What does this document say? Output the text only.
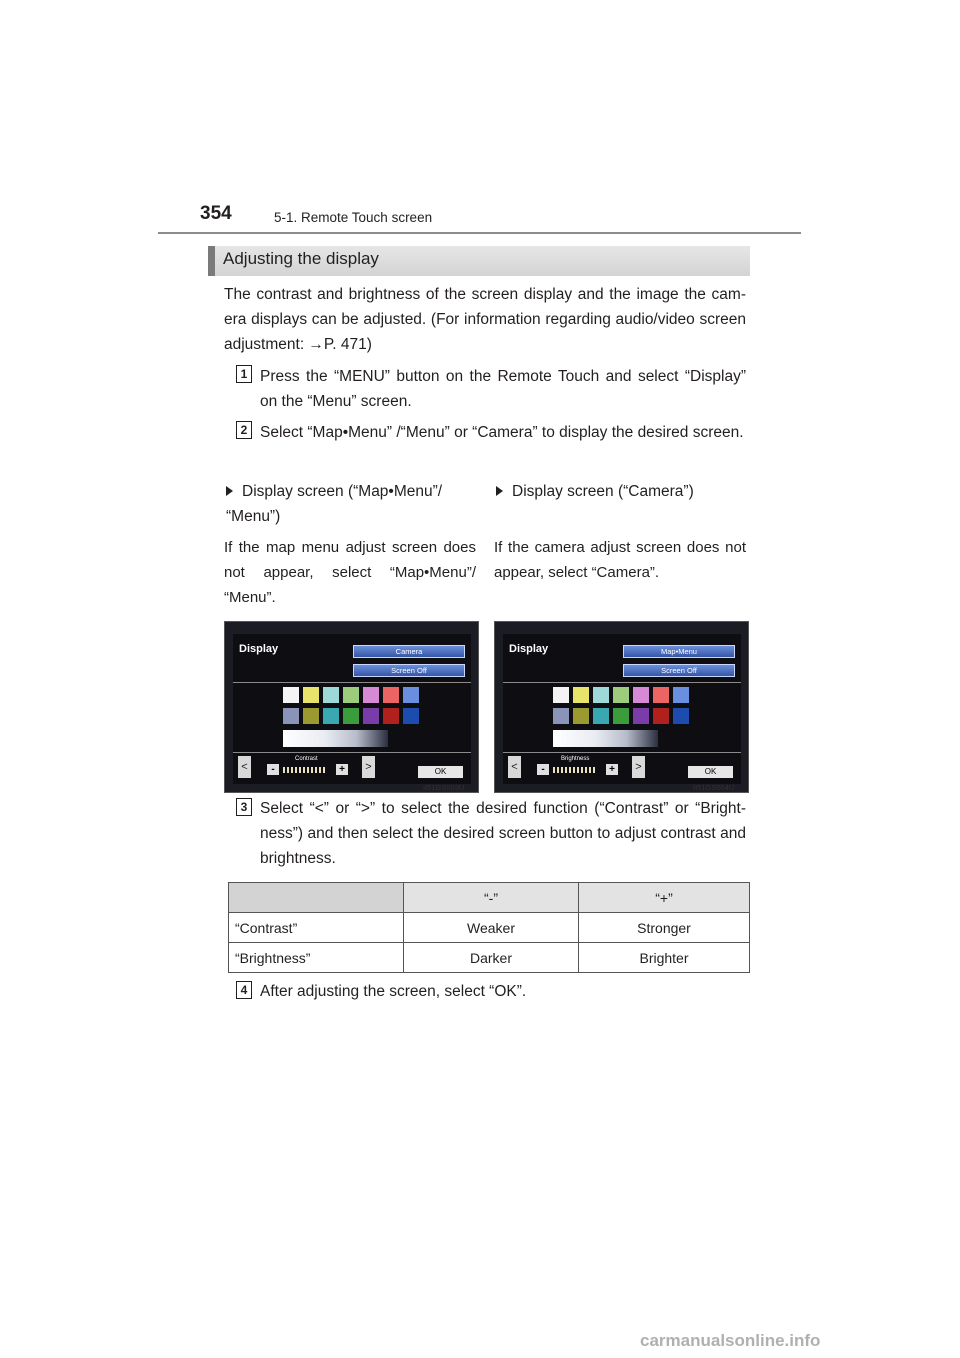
354	5-1. Remote Touch screen
Adjusting the display
The contrast and brightness of the screen display and the image the cam-era displays can be adjusted. (For information regarding audio/video screen adjustment: →P. 471)
1 Press the “MENU” button on the Remote Touch and select “Display” on the “Menu” screen.
2 Select “Map•Menu” /“Menu” or “Camera” to display the desired screen.
Display screen (“Map•Menu”/ “Menu”)
Display screen (“Camera”)
If the map menu adjust screen does not appear, select “Map•Menu”/ “Menu”.
If the camera adjust screen does not appear, select “Camera”.
Display	Camera
Screen Off
<
Contrast
-	+ >	OK
II51GS003U
Display	Map•Menu
Screen Off
<
Brightness
-	+ >	OK
II51GS004U
3 Select “<” or “>” to select the desired function (“Contrast” or “Bright-ness”) and then select the desired screen button to adjust contrast and brightness.
	“-”	“+”
“Contrast”	Weaker	Stronger
“Brightness”	Darker	Brighter
4 After adjusting the screen, select “OK”.
carmanualsonline.info
